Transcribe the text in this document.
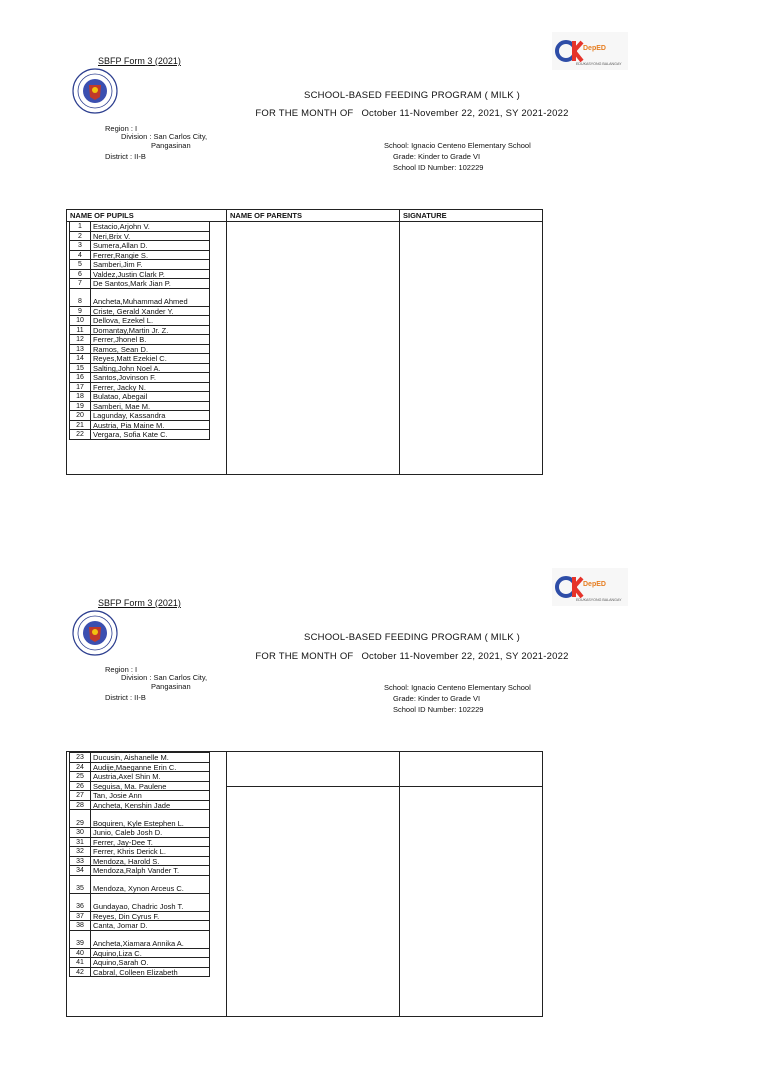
SBFP Form 3 (2021)
DepED
EDUKASYONG BALANGAY
SCHOOL-BASED FEEDING PROGRAM ( MILK )
FOR THE MONTH OF October 11-November 22, 2021, SY 2021-2022
Region : I
Division : San Carlos City,
Pangasinan
District : II-B
School: Ignacio Centeno Elementary School
Grade: Kinder to Grade VI
School ID Number: 102229
NAME OF PUPILS	NAME OF PARENTS	SIGNATURE
1	Estacio,Arjohn V.
2	Neri,Brix V.
3	Sumera,Allan D.
4	Ferrer,Rangie S.
5	Samberi,Jim F.
6	Valdez,Justin Clark P.
7	De Santos,Mark Jian P.
8	Ancheta,Muhammad Ahmed
9	Criste, Gerald Xander Y.
10	Dellova, Ezekel L.
11	Domantay,Martin Jr. Z.
12	Ferrer,Jhonel B.
13	Ramos, Sean D.
14	Reyes,Matt Ezekiel C.
15	Salting,John Noel A.
16	Santos,Jovinson F.
17	Ferrer, Jacky N.
18	Bulatao, Abegail
19	Samberi, Mae M.
20	Lagunday, Kassandra
21	Austria, Pia Maine M.
22	Vergara, Sofia Kate C.
SBFP Form 3 (2021)
DepED
EDUKASYONG BALANGAY
SCHOOL-BASED FEEDING PROGRAM ( MILK )
FOR THE MONTH OF October 11-November 22, 2021, SY 2021-2022
Region : I
Division : San Carlos City,
Pangasinan
District : II-B
School: Ignacio Centeno Elementary School
Grade: Kinder to Grade VI
School ID Number: 102229
23	Ducusin, Aishanelle M.
24	Audije,Maeganne Erin C.
25	Austria,Axel Shin M.
26	Seguisa, Ma. Paulene
27	Tan, Josie Ann
28	Ancheta, Kenshin Jade
29	Boquiren, Kyle Estephen L.
30	Junio, Caleb Josh D.
31	Ferrer, Jay-Dee T.
32	Ferrer, Khris Derick L.
33	Mendoza, Harold S.
34	Mendoza,Ralph Vander T.
35	Mendoza, Xynon Arceus C.
36	Gundayao, Chadric Josh T.
37	Reyes, Din Cyrus F.
38	Canta, Jomar D.
39	Ancheta,Xiamara Annika A.
40	Aquino,Liza C.
41	Aquino,Sarah O.
42	Cabral, Colleen Elizabeth
